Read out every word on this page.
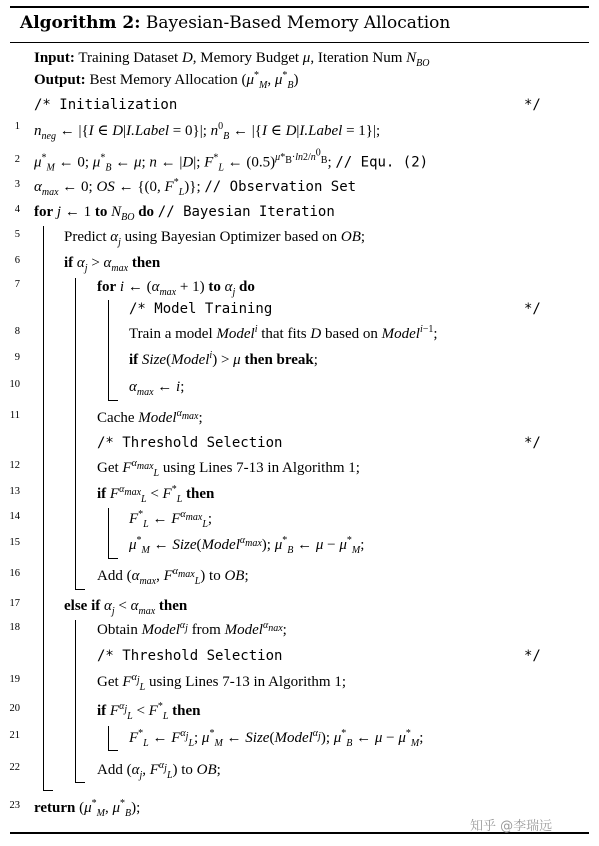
Algorithm 2: Bayesian-Based Memory Allocation
Input: Training Dataset D, Memory Budget μ, Iteration Num $N_{BO}$
Output: Best Memory Allocation ($\mu^*_M$, $\mu^*_B$)
/* Initialization	*/
1 $n_{neg}$ ← |{I ∈ D|I.Label = 0}|; $n^0_B$ ← |{I ∈ D|I.Label = 1}|;
2 $\mu^*_M$ ← 0; $\mu^*_B$ ← μ; n ← |D|; $F^*_L$ ← $(0.5)^{\mu*_B\cdot ln2/n^0_B}$; // Equ. (2)
3 $\alpha_{max}$ ← 0; OS ← {(0, $F^*_L$)}; // Observation Set
4 for j ← 1 to $N_{BO}$ do // Bayesian Iteration
5	Predict $\alpha_j$ using Bayesian Optimizer based on OB;
6	if $\alpha_j > \alpha_{max}$ then
7	for i ← $(\alpha_{max} + 1)$ to $\alpha_j$ do
/* Model Training	*/
8	Train a model Model$^i$ that fits D based on Model$^{i-1}$;
9	if Size(Model$^i$) > μ then break;
10	$\alpha_{max}$ ← i;
11	Cache Model$^{\alpha_{max}}$;
/* Threshold Selection	*/
12	Get $F^{\alpha_{max}}_L$ using Lines 7-13 in Algorithm 1;
13	if $F^{\alpha_{max}}_L < F^*_L$ then
14	$F^*_L$ ← $F^{\alpha_{max}}_L$;
15	$\mu^*_M$ ← Size(Model$^{\alpha_{max}}$); $\mu^*_B$ ← $\mu - \mu^*_M$;
16	Add ($\alpha_{max}$, $F^{\alpha_{max}}_L$) to OB;
17	else if $\alpha_j < \alpha_{max}$ then
18	Obtain Model$^{\alpha_j}$ from Model$^{\alpha_{nax}}$;
/* Threshold Selection	*/
19	Get $F^{\alpha_j}_L$ using Lines 7-13 in Algorithm 1;
20	if $F^{\alpha_j}_L < F^*_L$ then
21	$F^*_L$ ← $F^{\alpha_j}_L$; $\mu^*_M$ ← Size(Model$^{\alpha_j}$); $\mu^*_B$ ← $\mu - \mu^*_M$;
22	Add ($\alpha_j$, $F^{\alpha_j}_L$) to OB;
23 return ($\mu^*_M$, $\mu^*_B$);
知乎 @李瑞远
